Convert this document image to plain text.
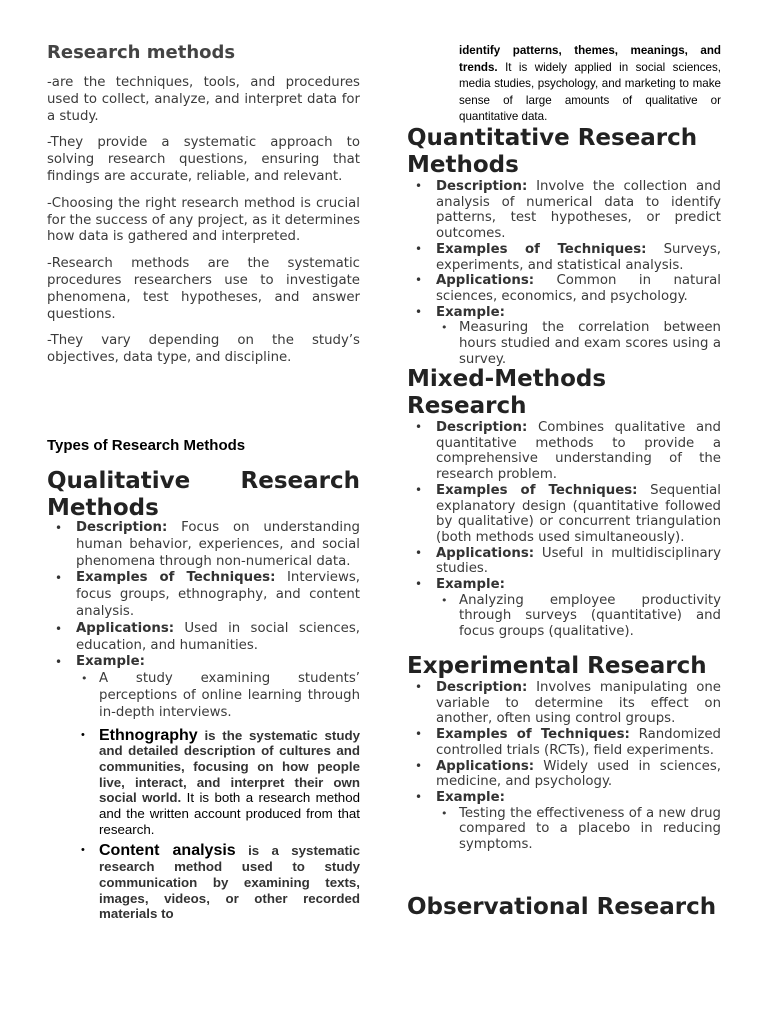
Research methods

-are the techniques, tools, and procedures used to collect, analyze, and interpret data for a study.

-They provide a systematic approach to solving research questions, ensuring that findings are accurate, reliable, and relevant.

-Choosing the right research method is crucial for the success of any project, as it determines how data is gathered and interpreted.

-Research methods are the systematic procedures researchers use to investigate phenomena, test hypotheses, and answer questions.

-They vary depending on the study’s objectives, data type, and discipline.

Types of Research Methods
Qualitative Research Methods
• Description: Focus on understanding human behavior, experiences, and social phenomena through non-numerical data.
• Examples of Techniques: Interviews, focus groups, ethnography, and content analysis.
• Applications: Used in social sciences, education, and humanities.
• Example:
• A study examining students’ perceptions of online learning through in-depth interviews.
• Ethnography is the systematic study and detailed description of cultures and communities, focusing on how people live, interact, and interpret their own social world. It is both a research method and the written account produced from that research.
• Content analysis is a systematic research method used to study communication by examining texts, images, videos, or other recorded materials to
identify patterns, themes, meanings, and trends. It is widely applied in social sciences, media studies, psychology, and marketing to make sense of large amounts of qualitative or quantitative data.
Quantitative Research Methods
• Description: Involve the collection and analysis of numerical data to identify patterns, test hypotheses, or predict outcomes.
• Examples of Techniques: Surveys, experiments, and statistical analysis.
• Applications: Common in natural sciences, economics, and psychology.
• Example:
• Measuring the correlation between hours studied and exam scores using a survey.
Mixed-Methods Research
• Description: Combines qualitative and quantitative methods to provide a comprehensive understanding of the research problem.
• Examples of Techniques: Sequential explanatory design (quantitative followed by qualitative) or concurrent triangulation (both methods used simultaneously).
• Applications: Useful in multidisciplinary studies.
• Example:
• Analyzing employee productivity through surveys (quantitative) and focus groups (qualitative).
Experimental Research
• Description: Involves manipulating one variable to determine its effect on another, often using control groups.
• Examples of Techniques: Randomized controlled trials (RCTs), field experiments.
• Applications: Widely used in sciences, medicine, and psychology.
• Example:
• Testing the effectiveness of a new drug compared to a placebo in reducing symptoms.
Observational Research
